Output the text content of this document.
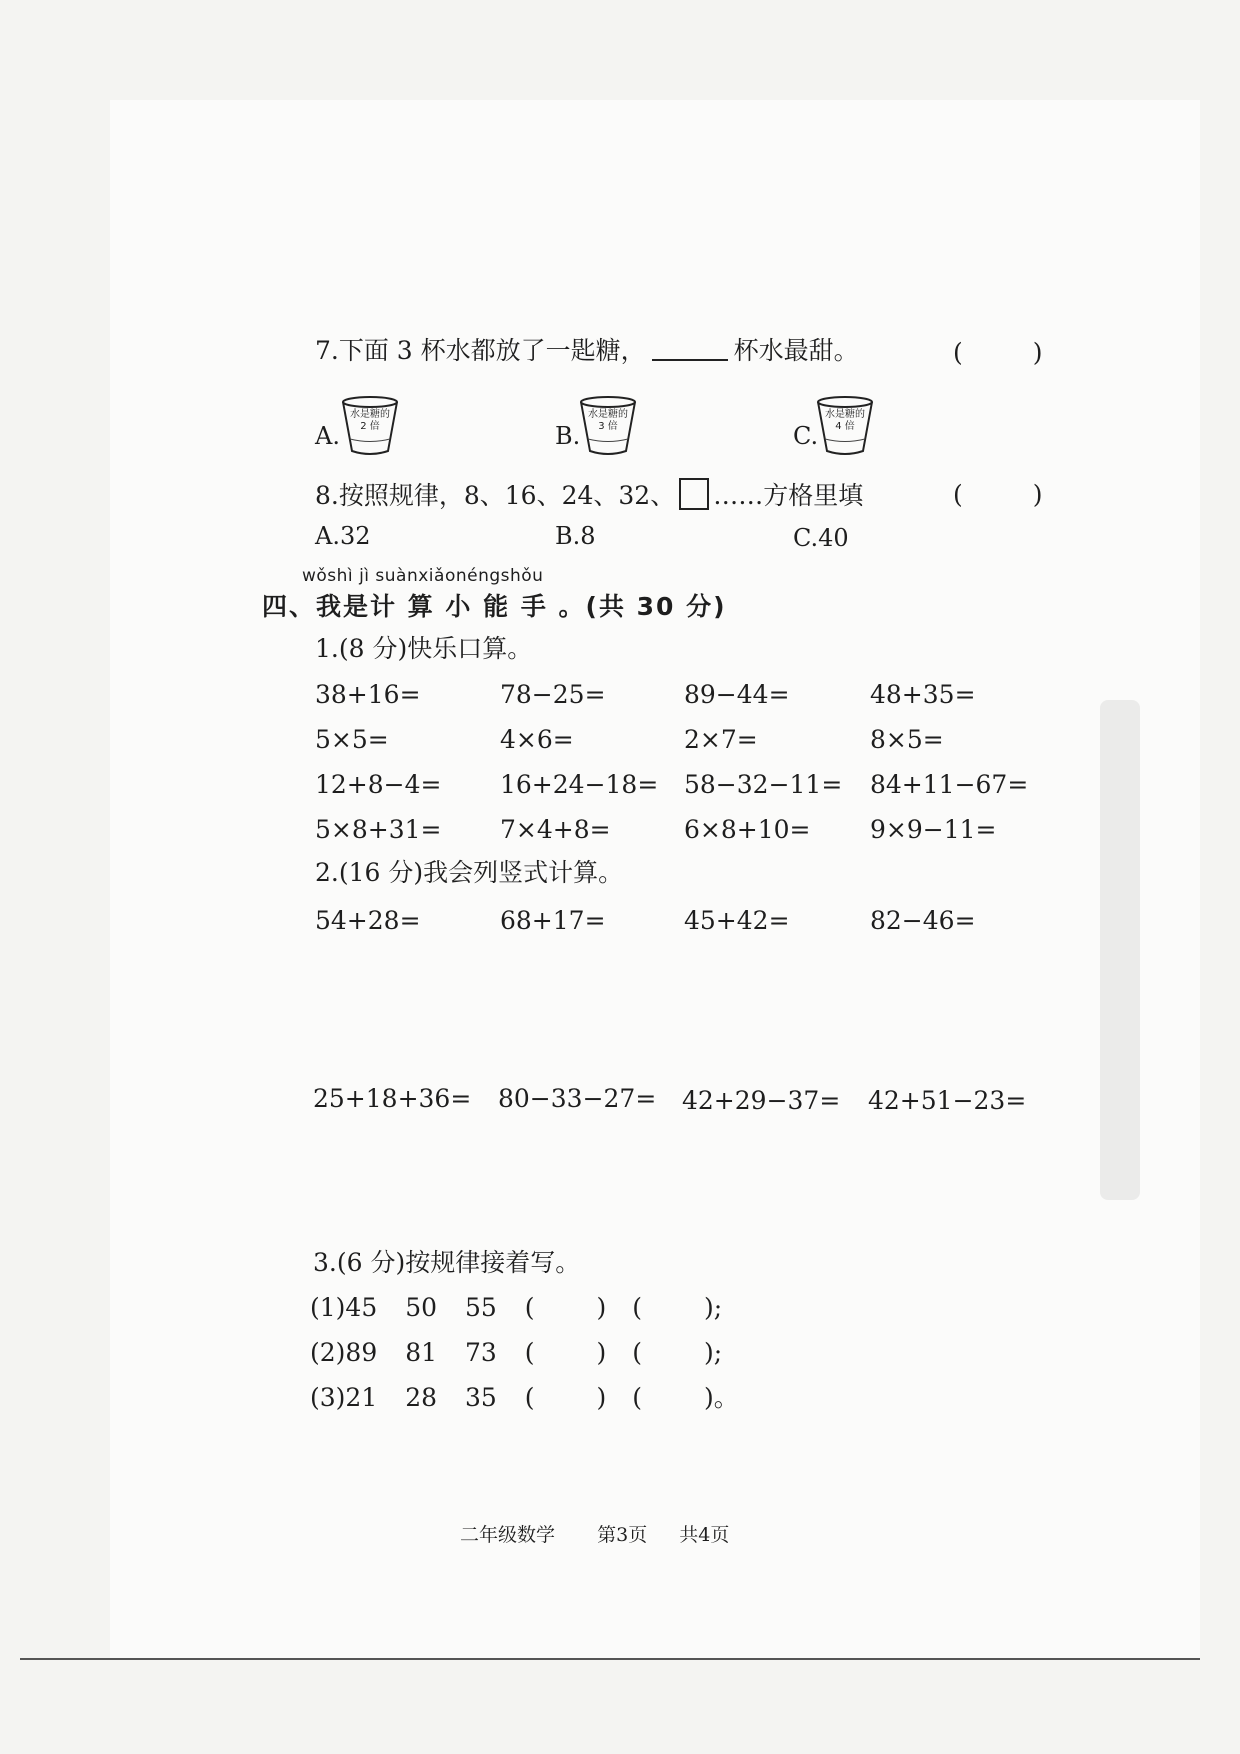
7.下面 3 杯水都放了一匙糖，	杯水最甜。	(	)
A.
水是糖的 2 倍	B.
水是糖的 3 倍	C.
水是糖的 4 倍
8.按照规律，8、16、24、32、 ……方格里填	(	)
A.32	B.8	C.40
wǒshì jì suànxiǎonéngshǒu
四、我是计 算 小 能 手 。(共 30 分)
1.(8 分)快乐口算。
38+16=	78−25=	89−44=	48+35=
5×5=	4×6=	2×7=	8×5=
12+8−4= 16+24−18= 58−32−11= 84+11−67=
5×8+31= 7×4+8=	6×8+10= 9×9−11=
2.(16 分)我会列竖式计算。
54+28=	68+17=	45+42=	82−46=
25+18+36= 80−33−27= 42+29−37= 42+51−23=
3.(6 分)按规律接着写。
(1)45 50 55 ( ) ( );
(2)89 81 73 ( ) ( );
(3)21 28 35 ( ) ( )。
二年级数学 第3页 共4页
